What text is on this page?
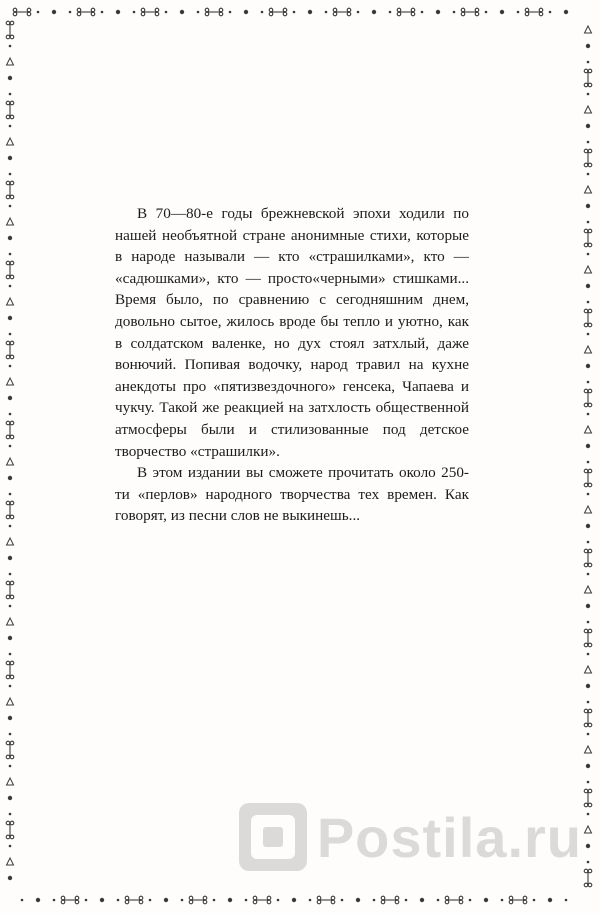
В 70—80-е годы брежневской эпохи ходили по нашей необъятной стране анонимные стихи, которые в народе называли — кто «страшилками», кто — «садюшками», кто — просто«черными» стишками... Время было, по сравнению с сегодняшним днем, довольно сытое, жилось вроде бы тепло и уютно, как в солдатском валенке, но дух стоял затхлый, даже вонючий. Попивая водочку, народ травил на кухне анекдоты про «пятизвездочного» генсека, Чапаева и чукчу. Такой же реакцией на затхлость общественной атмосферы были и стилизованные под детское творчество «страшилки».

В этом издании вы сможете прочитать около 250-ти «перлов» народного творчества тех времен. Как говорят, из песни слов не выкинешь...

Postila.ru
